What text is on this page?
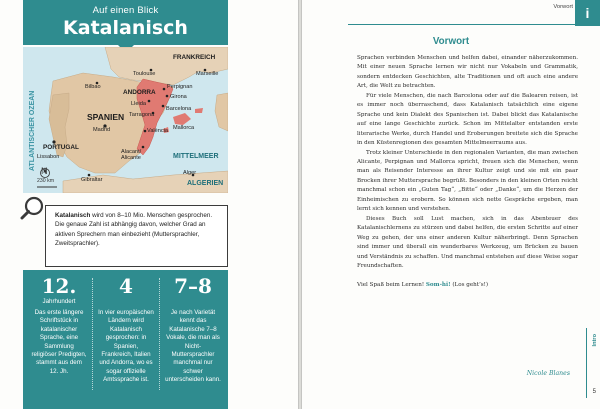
Auf einen Blick
Katalanisch
ATLANTISCHER OZEAN
FRANKREICH
Toulouse	Marseille
Bilbao
ANDORRA
Perpignan
Lleida
Girona
Barcelona
Tarragona
SPANIEN
Madrid
PORTUGAL
Lissabon
València Mallorca
Alacant/
Alicante	MITTELMEER
Gibraltar
Alger
ALGERIEN
N
230 km
Katalanisch wird von 8–10 Mio. Menschen gesprochen. Die genaue Zahl ist abhängig davon, welcher Grad an aktiven Sprechern man einbezieht (Muttersprachler, Zweitsprachler).
12.
Jahrhundert
Das erste längere Schriftstück in katalanischer Sprache, eine Sammlung religiöser Predigten, stammt aus dem 12. Jh.
4
In vier europäischen Ländern wird Katalanisch gesprochen: in Spanien, Frankreich, Italien und Andorra, wo es sogar offizielle Amtssprache ist.
7–8
Je nach Varietät kennt das Katalanische 7–8 Vokale, die man als Nicht-Muttersprachler manchmal nur schwer unterscheiden kann.
Vorwort i
Vorwort

Sprachen verbinden Menschen und helfen dabei, einander näherzukommen. Mit einer neuen Sprache lernen wir nicht nur Vokabeln und Grammatik, sondern entdecken Geschichten, alte Traditionen und oft auch eine andere Art, die Welt zu betrachten.

Für viele Menschen, die nach Barcelona oder auf die Balearen reisen, ist es immer noch überraschend, dass Katalanisch tatsächlich eine eigene Sprache und kein Dialekt des Spanischen ist. Dabei blickt das Katalanische auf eine lange Geschichte zurück. Schon im Mittelalter entstanden erste literarische Werke, durch Handel und Eroberungen breitete sich die Sprache in den Küstenregionen des gesamten Mittelmeerraums aus.

Trotz kleiner Unterschiede in den regionalen Varianten, die man zwischen Alicante, Perpignan und Mallorca spricht, freuen sich die Menschen, wenn man als Reisender Interesse an ihrer Kultur zeigt und sie mit ein paar Brocken ihrer Muttersprache begrüßt. Besonders in den kleinen Orten reicht manchmal schon ein „Guten Tag“, „Bitte“ oder „Danke“, um die Herzen der Einheimischen zu erobern. So können sich nette Gespräche ergeben, man lernt sich kennen und verstehen.

Dieses Buch soll Lust machen, sich in das Abenteuer des Katalanischlernens zu stürzen und dabei helfen, die ersten Schritte auf einer Weg zu gehen, der uns einer anderen Kultur näherbringt. Denn Sprachen sind immer und überall ein wunderbares Werkzeug, um Brücken zu bauen und Verständnis zu schaffen. Und manchmal entstehen auf diese Weise sogar Freundschaften.

Viel Spaß beim Lernen! Som-hi! (Los geht’s!)

Nicole Blanes
Intro
5
